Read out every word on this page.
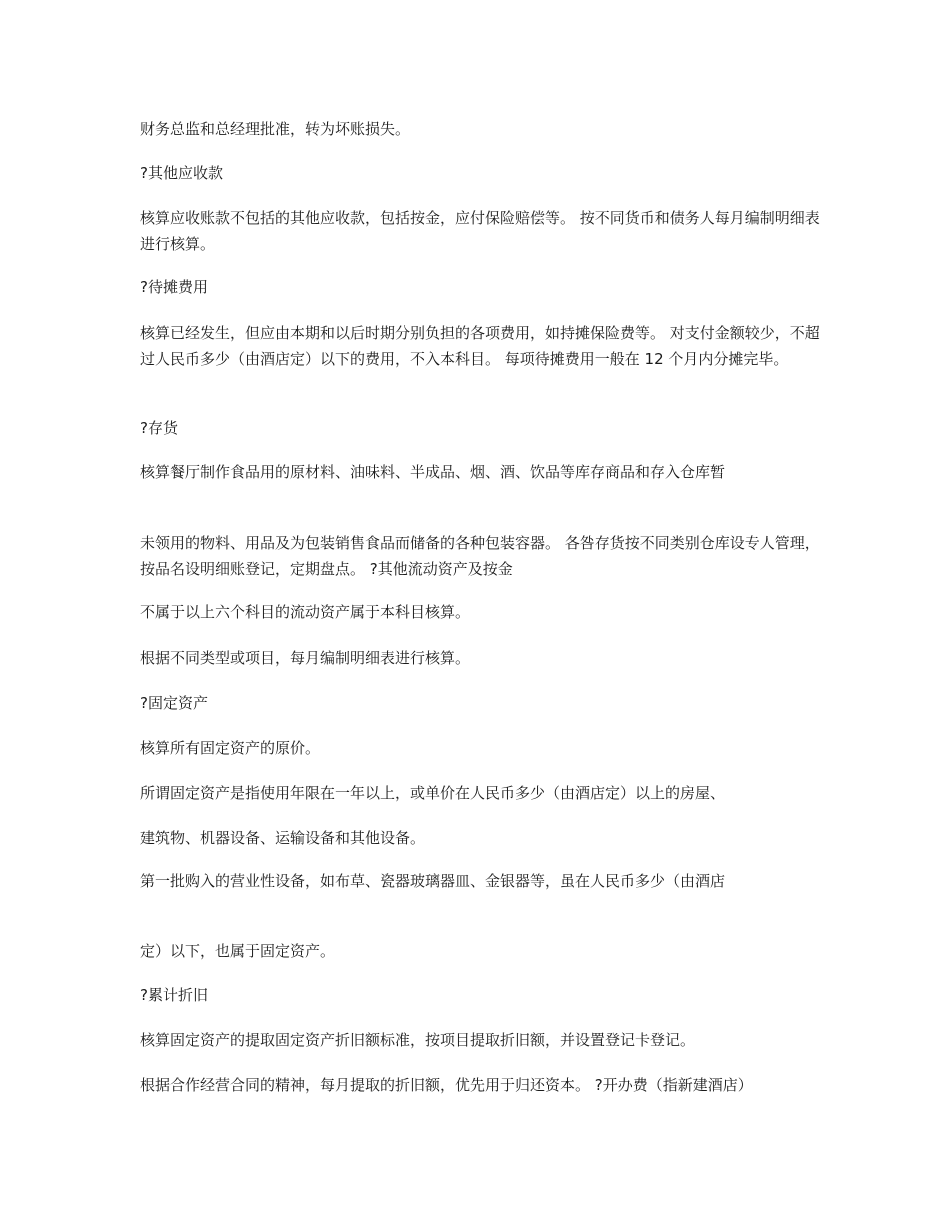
财务总监和总经理批准，转为坏账损失。

?其他应收款

核算应收账款不包括的其他应收款，包括按金，应付保险赔偿等。 按不同货币和债务人每月编制明细表进行核算。

?待摊费用

核算已经发生，但应由本期和以后时期分别负担的各项费用，如持摊保险费等。 对支付金额较少，不超过人民币多少（由酒店定）以下的费用，不入本科目。 每项待摊费用一般在 12 个月内分摊完毕。

?存货

核算餐厅制作食品用的原材料、油味料、半成品、烟、酒、饮品等库存商品和存入仓库暂

未领用的物料、用品及为包装销售食品而储备的各种包装容器。 各咎存货按不同类别仓库设专人管理，按品名设明细账登记，定期盘点。 ?其他流动资产及按金

不属于以上六个科目的流动资产属于本科目核算。

根据不同类型或项目，每月编制明细表进行核算。

?固定资产

核算所有固定资产的原价。

所谓固定资产是指使用年限在一年以上，或单价在人民币多少（由酒店定）以上的房屋、

建筑物、机器设备、运输设备和其他设备。

第一批购入的营业性设备，如布草、瓷器玻璃器皿、金银器等，虽在人民币多少（由酒店

定）以下，也属于固定资产。

?累计折旧

核算固定资产的提取固定资产折旧额标准，按项目提取折旧额，并设置登记卡登记。

根据合作经营合同的精神，每月提取的折旧额，优先用于归还资本。 ?开办费（指新建酒店）
